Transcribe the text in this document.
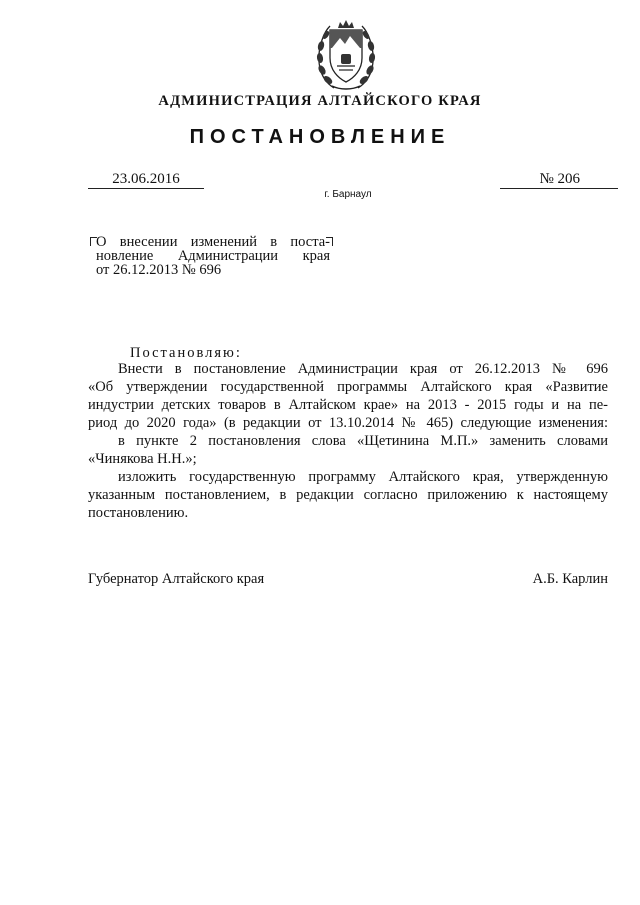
АДМИНИСТРАЦИЯ АЛТАЙСКОГО КРАЯ
ПОСТАНОВЛЕНИЕ
23.06.2016	№ 206
г. Барнаул
О внесении изменений в поста-
новление Администрации края
от 26.12.2013 № 696
Постановляю:
Внести в постановление Администрации края от 26.12.2013 № 696
«Об утверждении государственной программы Алтайского края «Развитие
индустрии детских товаров в Алтайском крае» на 2013 - 2015 годы и на пе-
риод до 2020 года» (в редакции от 13.10.2014 № 465) следующие изменения:
в пункте 2 постановления слова «Щетинина М.П.» заменить словами
«Чинякова Н.Н.»;
изложить государственную программу Алтайского края, утвержденную
указанным постановлением, в редакции согласно приложению к настоящему
постановлению.
Губернатор Алтайского края	А.Б. Карлин
